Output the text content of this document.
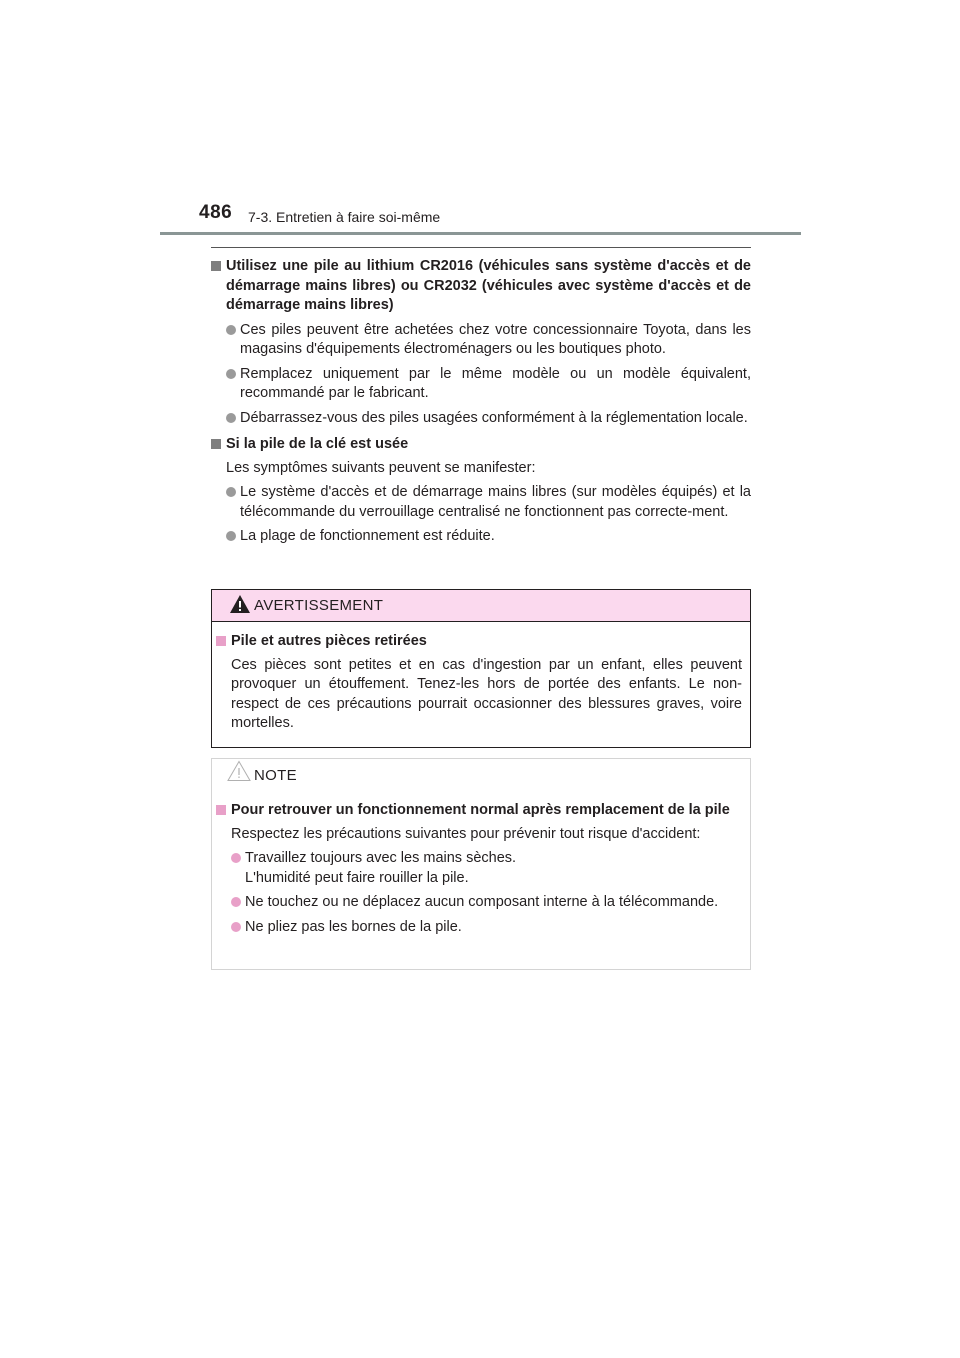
486 7-3. Entretien à faire soi-même
Utilisez une pile au lithium CR2016 (véhicules sans système d'accès et de démarrage mains libres) ou CR2032 (véhicules avec système d'accès et de démarrage mains libres)
Ces piles peuvent être achetées chez votre concessionnaire Toyota, dans les magasins d'équipements électroménagers ou les boutiques photo.
Remplacez uniquement par le même modèle ou un modèle équivalent, recommandé par le fabricant.
Débarrassez-vous des piles usagées conformément à la réglementation locale.
Si la pile de la clé est usée
Les symptômes suivants peuvent se manifester:
Le système d'accès et de démarrage mains libres (sur modèles équipés) et la télécommande du verrouillage centralisé ne fonctionnent pas correcte-ment.
La plage de fonctionnement est réduite.
AVERTISSEMENT
Pile et autres pièces retirées
Ces pièces sont petites et en cas d'ingestion par un enfant, elles peuvent provoquer un étouffement. Tenez-les hors de portée des enfants. Le non-respect de ces précautions pourrait occasionner des blessures graves, voire mortelles.
NOTE
Pour retrouver un fonctionnement normal après remplacement de la pile
Respectez les précautions suivantes pour prévenir tout risque d'accident:
Travaillez toujours avec les mains sèches.
L'humidité peut faire rouiller la pile.
Ne touchez ou ne déplacez aucun composant interne à la télécommande.
Ne pliez pas les bornes de la pile.
